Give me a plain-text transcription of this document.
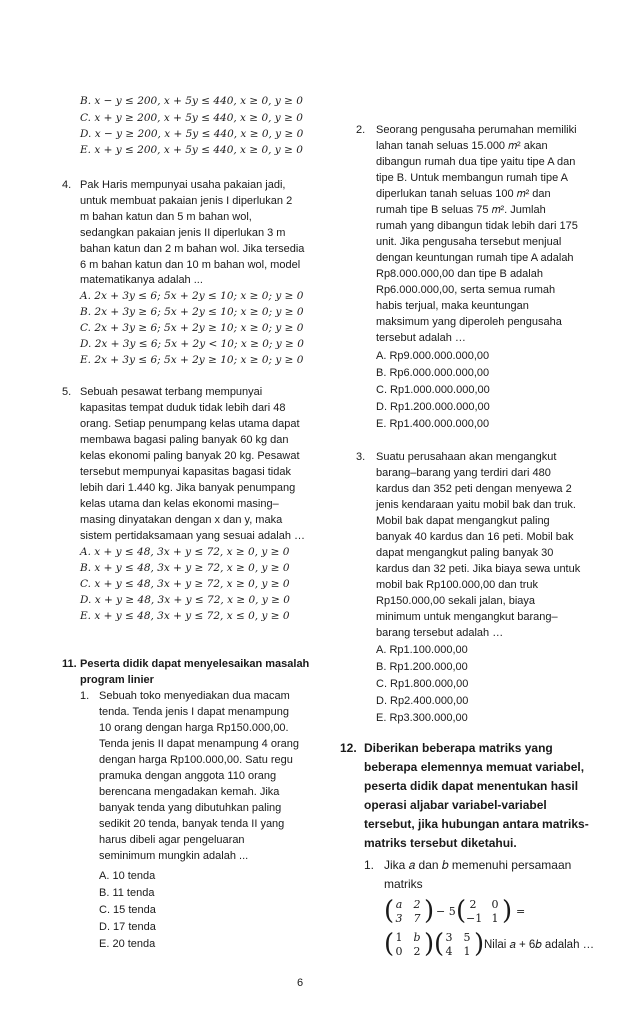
B. 𝑥 − 𝑦 ≤ 200, 𝑥 + 5𝑦 ≤ 440, 𝑥 ≥ 0, 𝑦 ≥ 0
C. 𝑥 + 𝑦 ≥ 200, 𝑥 + 5𝑦 ≤ 440, 𝑥 ≥ 0, 𝑦 ≥ 0
D. 𝑥 − 𝑦 ≥ 200, 𝑥 + 5𝑦 ≤ 440, 𝑥 ≥ 0, 𝑦 ≥ 0
E. 𝑥 + 𝑦 ≤ 200, 𝑥 + 5𝑦 ≤ 440, 𝑥 ≥ 0, 𝑦 ≥ 0
4. Pak Haris mempunyai usaha pakaian jadi,
untuk membuat pakaian jenis I diperlukan 2
m bahan katun dan 5 m bahan wol,
sedangkan pakaian jenis II diperlukan 3 m
bahan katun dan 2 m bahan wol. Jika tersedia
6 m bahan katun dan 10 m bahan wol, model
matematikanya adalah ...
A. 2𝑥 + 3𝑦 ≤ 6; 5𝑥 + 2𝑦 ≤ 10; 𝑥 ≥ 0; 𝑦 ≥ 0
B. 2𝑥 + 3𝑦 ≥ 6; 5𝑥 + 2𝑦 ≤ 10; 𝑥 ≥ 0; 𝑦 ≥ 0
C. 2𝑥 + 3𝑦 ≥ 6; 5𝑥 + 2𝑦 ≥ 10; 𝑥 ≥ 0; 𝑦 ≥ 0
D. 2𝑥 + 3𝑦 ≤ 6; 5𝑥 + 2𝑦 < 10; 𝑥 ≥ 0; 𝑦 ≥ 0
E. 2𝑥 + 3𝑦 ≤ 6; 5𝑥 + 2𝑦 ≥ 10; 𝑥 ≥ 0; 𝑦 ≥ 0
5. Sebuah pesawat terbang mempunyai
kapasitas tempat duduk tidak lebih dari 48
orang. Setiap penumpang kelas utama dapat
membawa bagasi paling banyak 60 kg dan
kelas ekonomi paling banyak 20 kg. Pesawat
tersebut mempunyai kapasitas bagasi tidak
lebih dari 1.440 kg. Jika banyak penumpang
kelas utama dan kelas ekonomi masing–
masing dinyatakan dengan x dan y, maka
sistem pertidaksamaan yang sesuai adalah …
A. 𝑥 + 𝑦 ≤ 48, 3𝑥 + 𝑦 ≤ 72, 𝑥 ≥ 0, 𝑦 ≥ 0
B. 𝑥 + 𝑦 ≤ 48, 3𝑥 + 𝑦 ≥ 72, 𝑥 ≥ 0, 𝑦 ≥ 0
C. 𝑥 + 𝑦 ≤ 48, 3𝑥 + 𝑦 ≥ 72, 𝑥 ≥ 0, 𝑦 ≥ 0
D. 𝑥 + 𝑦 ≥ 48, 3𝑥 + 𝑦 ≤ 72, 𝑥 ≥ 0, 𝑦 ≥ 0
E. 𝑥 + 𝑦 ≤ 48, 3𝑥 + 𝑦 ≤ 72, 𝑥 ≤ 0, 𝑦 ≥ 0
11. Peserta didik dapat menyelesaikan masalah
program linier
1. Sebuah toko menyediakan dua macam
tenda. Tenda jenis I dapat menampung
10 orang dengan harga Rp150.000,00.
Tenda jenis II dapat menampung 4 orang
dengan harga Rp100.000,00. Satu regu
pramuka dengan anggota 110 orang
berencana mengadakan kemah. Jika
banyak tenda yang dibutuhkan paling
sedikit 20 tenda, banyak tenda II yang
harus dibeli agar pengeluaran
seminimum mungkin adalah ...
A. 10 tenda
B. 11 tenda
C. 15 tenda
D. 17 tenda
E. 20 tenda
2. Seorang pengusaha perumahan memiliki
lahan tanah seluas 15.000 𝑚² akan
dibangun rumah dua tipe yaitu tipe A dan
tipe B. Untuk membangun rumah tipe A
diperlukan tanah seluas 100 𝑚² dan
rumah tipe B seluas 75 𝑚². Jumlah
rumah yang dibangun tidak lebih dari 175
unit. Jika pengusaha tersebut menjual
dengan keuntungan rumah tipe A adalah
Rp8.000.000,00 dan tipe B adalah
Rp6.000.000,00, serta semua rumah
habis terjual, maka keuntungan
maksimum yang diperoleh pengusaha
tersebut adalah …
A. Rp9.000.000.000,00
B. Rp6.000.000.000,00
C. Rp1.000.000.000,00
D. Rp1.200.000.000,00
E. Rp1.400.000.000,00
3. Suatu perusahaan akan mengangkut
barang–barang yang terdiri dari 480
kardus dan 352 peti dengan menyewa 2
jenis kendaraan yaitu mobil bak dan truk.
Mobil bak dapat mengangkut paling
banyak 40 kardus dan 16 peti. Mobil bak
dapat mengangkut paling banyak 30
kardus dan 32 peti. Jika biaya sewa untuk
mobil bak Rp100.000,00 dan truk
Rp150.000,00 sekali jalan, biaya
minimum untuk mengangkut barang–
barang tersebut adalah …
A. Rp1.100.000,00
B. Rp1.200.000,00
C. Rp1.800.000,00
D. Rp2.400.000,00
E. Rp3.300.000,00
12. Diberikan beberapa matriks yang
beberapa elemennya memuat variabel,
peserta didik dapat menentukan hasil
operasi aljabar variabel-variabel
tersebut, jika hubungan antara matriks-
matriks tersebut diketahui.
1. Jika 𝑎 dan 𝑏 memenuhi persamaan
matriks
( 𝑎	2
3	7 ) − 5 ( 2	0
−1 1 ) =
( 1 𝑏
0	2 ) ( 3	5
4	1 ) Nilai 𝑎 + 6𝑏 adalah …
6
